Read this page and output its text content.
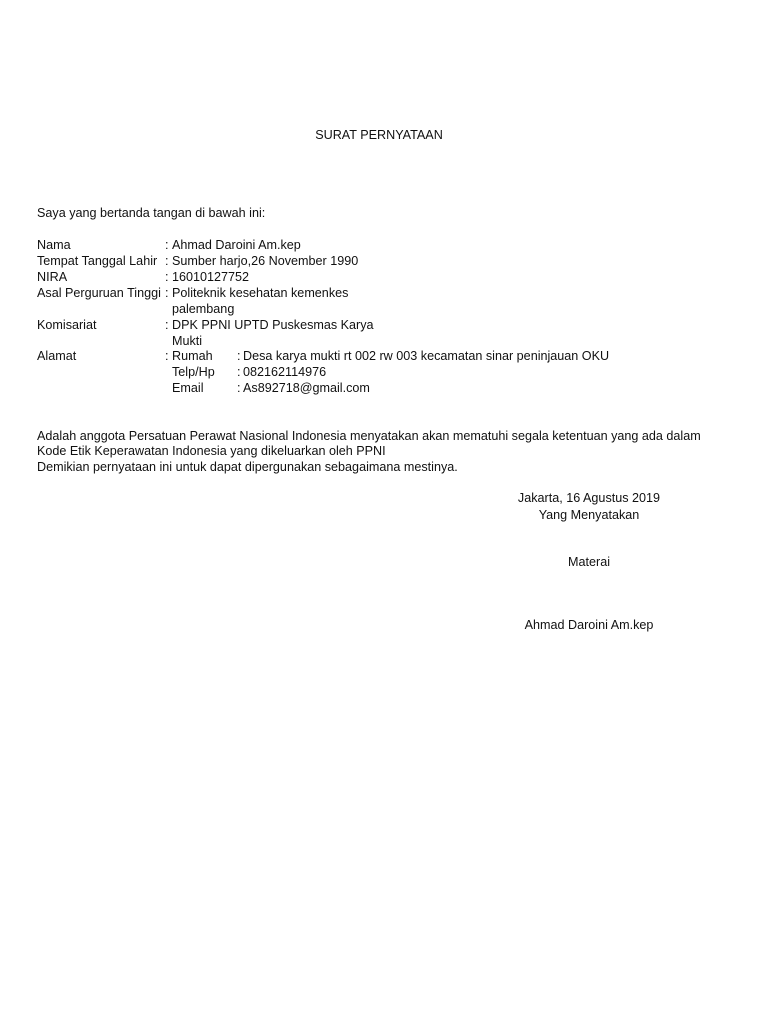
SURAT PERNYATAAN
Saya yang bertanda tangan di bawah ini:
Nama	: Ahmad Daroini Am.kep
Tempat Tanggal Lahir : Sumber harjo,26 November 1990
NIRA	: 16010127752
Asal Perguruan Tinggi : Politeknik kesehatan kemenkes
palembang
Komisariat	: DPK PPNI UPTD Puskesmas Karya
Mukti
Alamat	: Rumah : Desa karya mukti rt 002 rw 003 kecamatan sinar peninjauan OKU
Telp/Hp : 082162114976
Email	: As892718@gmail.com
Adalah anggota Persatuan Perawat Nasional Indonesia menyatakan akan mematuhi segala ketentuan yang ada dalam
Kode Etik Keperawatan Indonesia yang dikeluarkan oleh PPNI
Demikian pernyataan ini untuk dapat dipergunakan sebagaimana mestinya.
Jakarta, 16 Agustus 2019
Yang Menyatakan
Materai
Ahmad Daroini Am.kep
